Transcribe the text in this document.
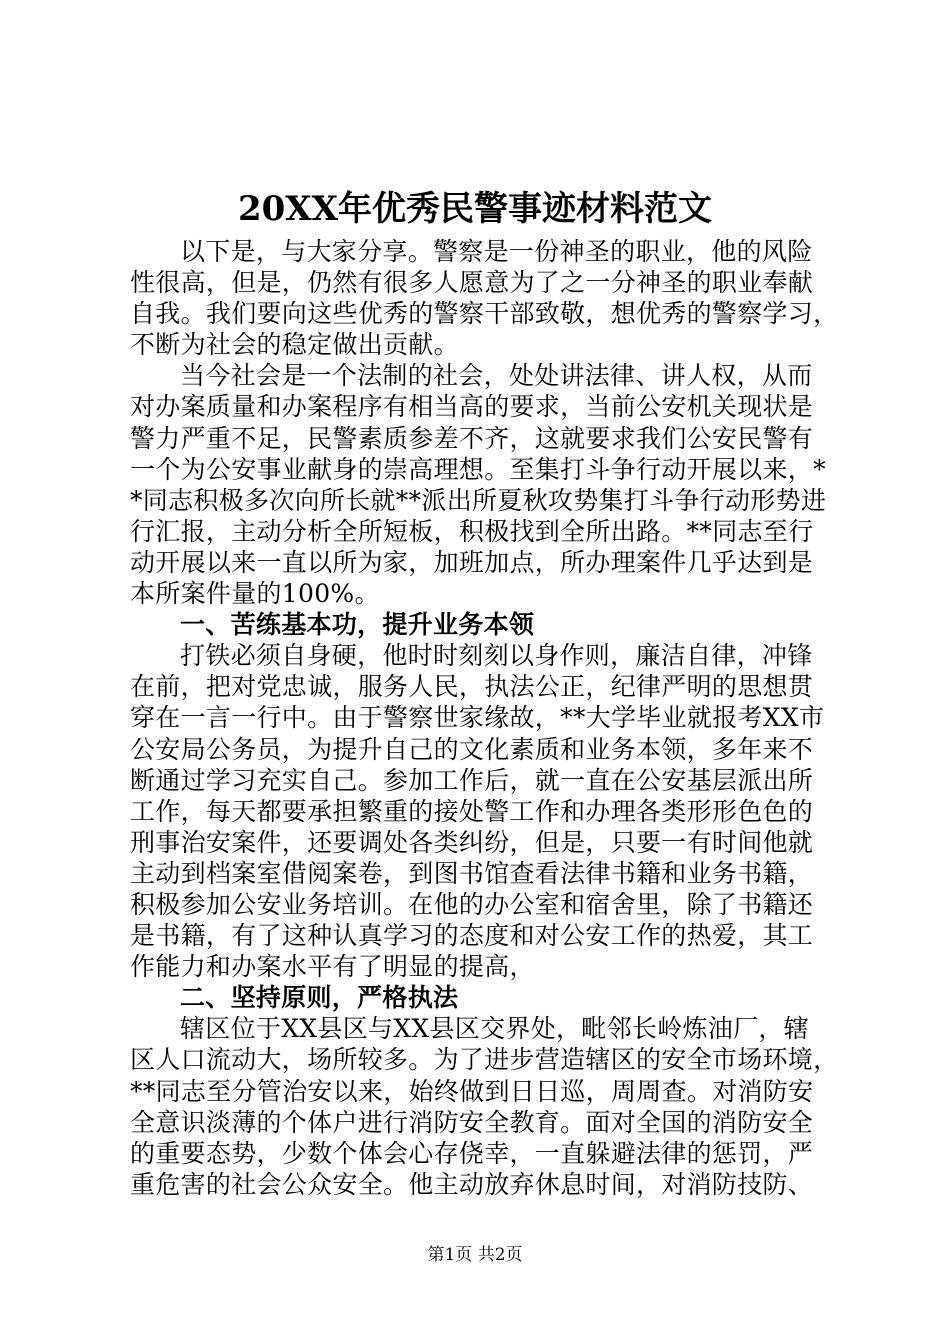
20XX年优秀民警事迹材料范文
以下是，与大家分享。警察是一份神圣的职业，他的风险
性很高，但是，仍然有很多人愿意为了之一分神圣的职业奉献
自我。我们要向这些优秀的警察干部致敬，想优秀的警察学习，
不断为社会的稳定做出贡献。
当今社会是一个法制的社会，处处讲法律、讲人权，从而
对办案质量和办案程序有相当高的要求，当前公安机关现状是
警力严重不足，民警素质参差不齐，这就要求我们公安民警有
一个为公安事业献身的崇高理想。至集打斗争行动开展以来，*
*同志积极多次向所长就**派出所夏秋攻势集打斗争行动形势进
行汇报，主动分析全所短板，积极找到全所出路。**同志至行
动开展以来一直以所为家，加班加点，所办理案件几乎达到是
本所案件量的100%。
一、苦练基本功，提升业务本领
打铁必须自身硬，他时时刻刻以身作则，廉洁自律，冲锋
在前，把对党忠诚，服务人民，执法公正，纪律严明的思想贯
穿在一言一行中。由于警察世家缘故，**大学毕业就报考XX市
公安局公务员，为提升自己的文化素质和业务本领，多年来不
断通过学习充实自己。参加工作后，就一直在公安基层派出所
工作，每天都要承担繁重的接处警工作和办理各类形形色色的
刑事治安案件，还要调处各类纠纷，但是，只要一有时间他就
主动到档案室借阅案卷，到图书馆查看法律书籍和业务书籍，
积极参加公安业务培训。在他的办公室和宿舍里，除了书籍还
是书籍，有了这种认真学习的态度和对公安工作的热爱，其工
作能力和办案水平有了明显的提高，
二、坚持原则，严格执法
辖区位于XX县区与XX县区交界处，毗邻长岭炼油厂，辖
区人口流动大，场所较多。为了进步营造辖区的安全市场环境，
**同志至分管治安以来，始终做到日日巡，周周查。对消防安
全意识淡薄的个体户进行消防安全教育。面对全国的消防安全
的重要态势，少数个体会心存侥幸，一直躲避法律的惩罚，严
重危害的社会公众安全。他主动放弃休息时间，对消防技防、
第1页 共2页
